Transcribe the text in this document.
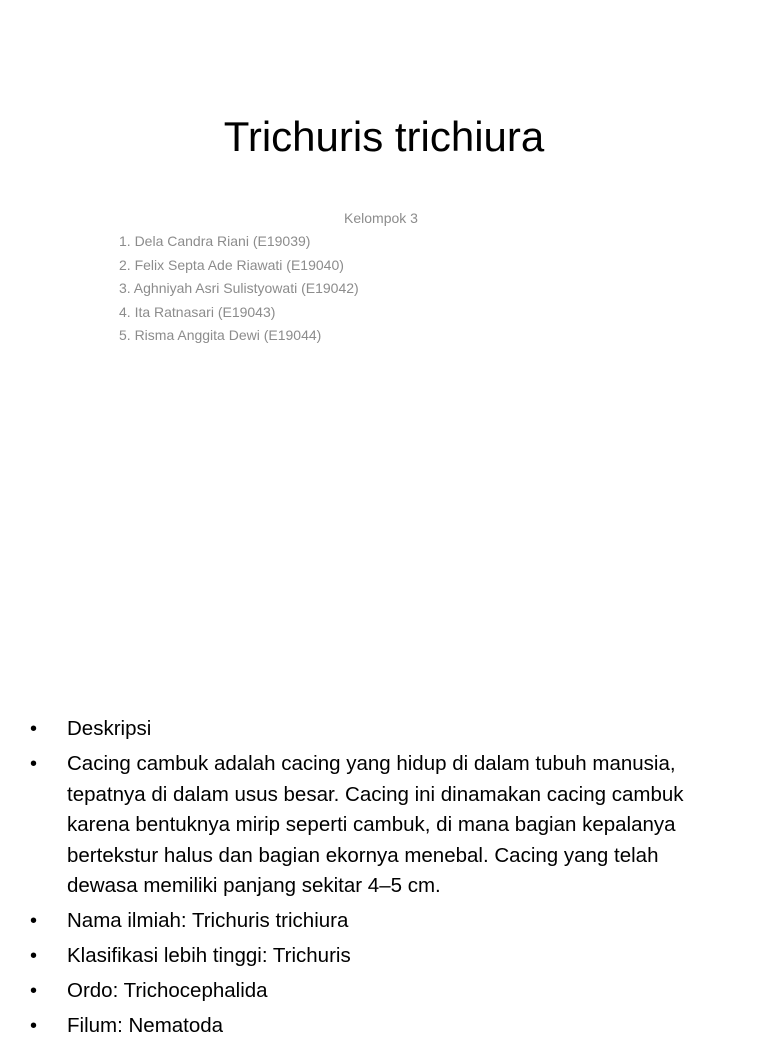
Trichuris trichiura

Kelompok 3

1. Dela Candra Riani (E19039)
2. Felix Septa Ade Riawati (E19040)
3. Aghniyah Asri Sulistyowati (E19042)
4. Ita Ratnasari (E19043)
5. Risma Anggita Dewi (E19044)
•	Deskripsi
•	Cacing cambuk adalah cacing yang hidup di dalam tubuh manusia, tepatnya di dalam usus besar. Cacing ini dinamakan cacing cambuk karena bentuknya mirip seperti cambuk, di mana bagian kepalanya bertekstur halus dan bagian ekornya menebal. Cacing yang telah dewasa memiliki panjang sekitar 4–5 cm.
•	Nama ilmiah: Trichuris trichiura
•	Klasifikasi lebih tinggi: Trichuris
•	Ordo: Trichocephalida
•	Filum: Nematoda
